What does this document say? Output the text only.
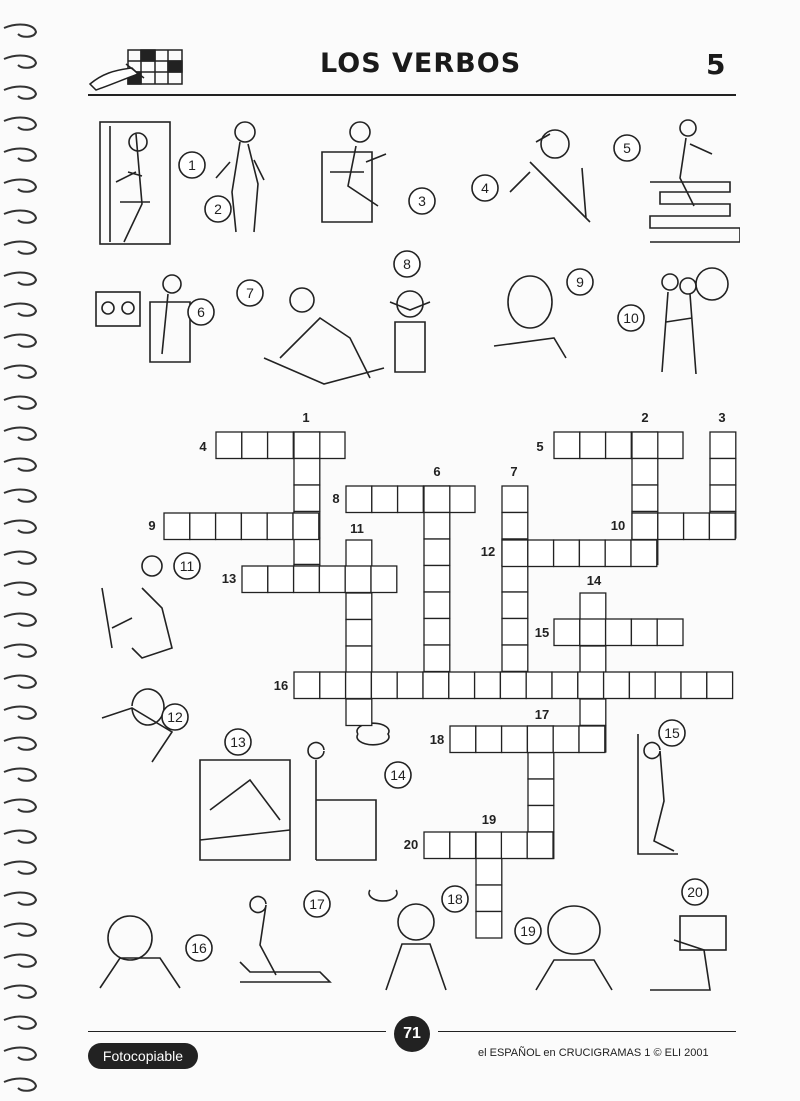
LOS VERBOS	5
1
2	3
4
5
6
7
8
9
10
11
12
13
14
15
16
17	18
19
20
1	2	3
4	5
6	7
8
9	10
11
12
13	14
15
16
17
18
19
20
71
Fotocopiable	el ESPAÑOL en CRUCIGRAMAS 1 © ELI 2001
